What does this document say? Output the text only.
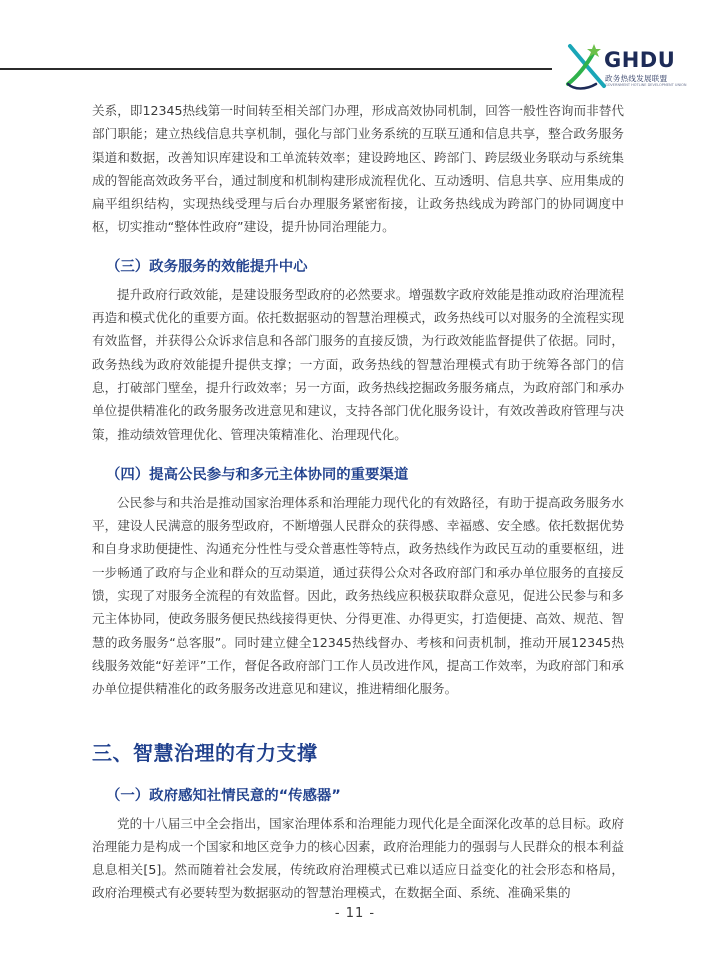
GHDU
政务热线发展联盟
GOVERNMENT HOTLINE DEVELOPMENT UNION

关系，即12345热线第一时间转至相关部门办理，形成高效协同机制，回答一般性咨询而非替代部门职能；建立热线信息共享机制，强化与部门业务系统的互联互通和信息共享，整合政务服务渠道和数据，改善知识库建设和工单流转效率；建设跨地区、跨部门、跨层级业务联动与系统集成的智能高效政务平台，通过制度和机制构建形成流程优化、互动透明、信息共享、应用集成的扁平组织结构，实现热线受理与后台办理服务紧密衔接，让政务热线成为跨部门的协同调度中枢，切实推动“整体性政府”建设，提升协同治理能力。

（三）政务服务的效能提升中心

提升政府行政效能，是建设服务型政府的必然要求。增强数字政府效能是推动政府治理流程再造和模式优化的重要方面。依托数据驱动的智慧治理模式，政务热线可以对服务的全流程实现有效监督，并获得公众诉求信息和各部门服务的直接反馈，为行政效能监督提供了依据。同时，政务热线为政府效能提升提供支撑；一方面，政务热线的智慧治理模式有助于统筹各部门的信息，打破部门壁垒，提升行政效率；另一方面，政务热线挖掘政务服务痛点，为政府部门和承办单位提供精准化的政务服务改进意见和建议，支持各部门优化服务设计，有效改善政府管理与决策，推动绩效管理优化、管理决策精准化、治理现代化。

（四）提高公民参与和多元主体协同的重要渠道

公民参与和共治是推动国家治理体系和治理能力现代化的有效路径，有助于提高政务服务水平，建设人民满意的服务型政府，不断增强人民群众的获得感、幸福感、安全感。依托数据优势和自身求助便捷性、沟通充分性性与受众普惠性等特点，政务热线作为政民互动的重要枢纽，进一步畅通了政府与企业和群众的互动渠道，通过获得公众对各政府部门和承办单位服务的直接反馈，实现了对服务全流程的有效监督。因此，政务热线应积极获取群众意见，促进公民参与和多元主体协同，使政务服务便民热线接得更快、分得更准、办得更实，打造便捷、高效、规范、智慧的政务服务“总客服”。同时建立健全12345热线督办、考核和问责机制，推动开展12345热线服务效能“好差评”工作，督促各政府部门工作人员改进作风，提高工作效率，为政府部门和承办单位提供精准化的政务服务改进意见和建议，推进精细化服务。

三、智慧治理的有力支撑
（一）政府感知社情民意的“传感器”

党的十八届三中全会指出，国家治理体系和治理能力现代化是全面深化改革的总目标。政府治理能力是构成一个国家和地区竞争力的核心因素，政府治理能力的强弱与人民群众的根本利益息息相关[5]。然而随着社会发展，传统政府治理模式已难以适应日益变化的社会形态和格局，政府治理模式有必要转型为数据驱动的智慧治理模式，在数据全面、系统、准确采集的

- 11 -
